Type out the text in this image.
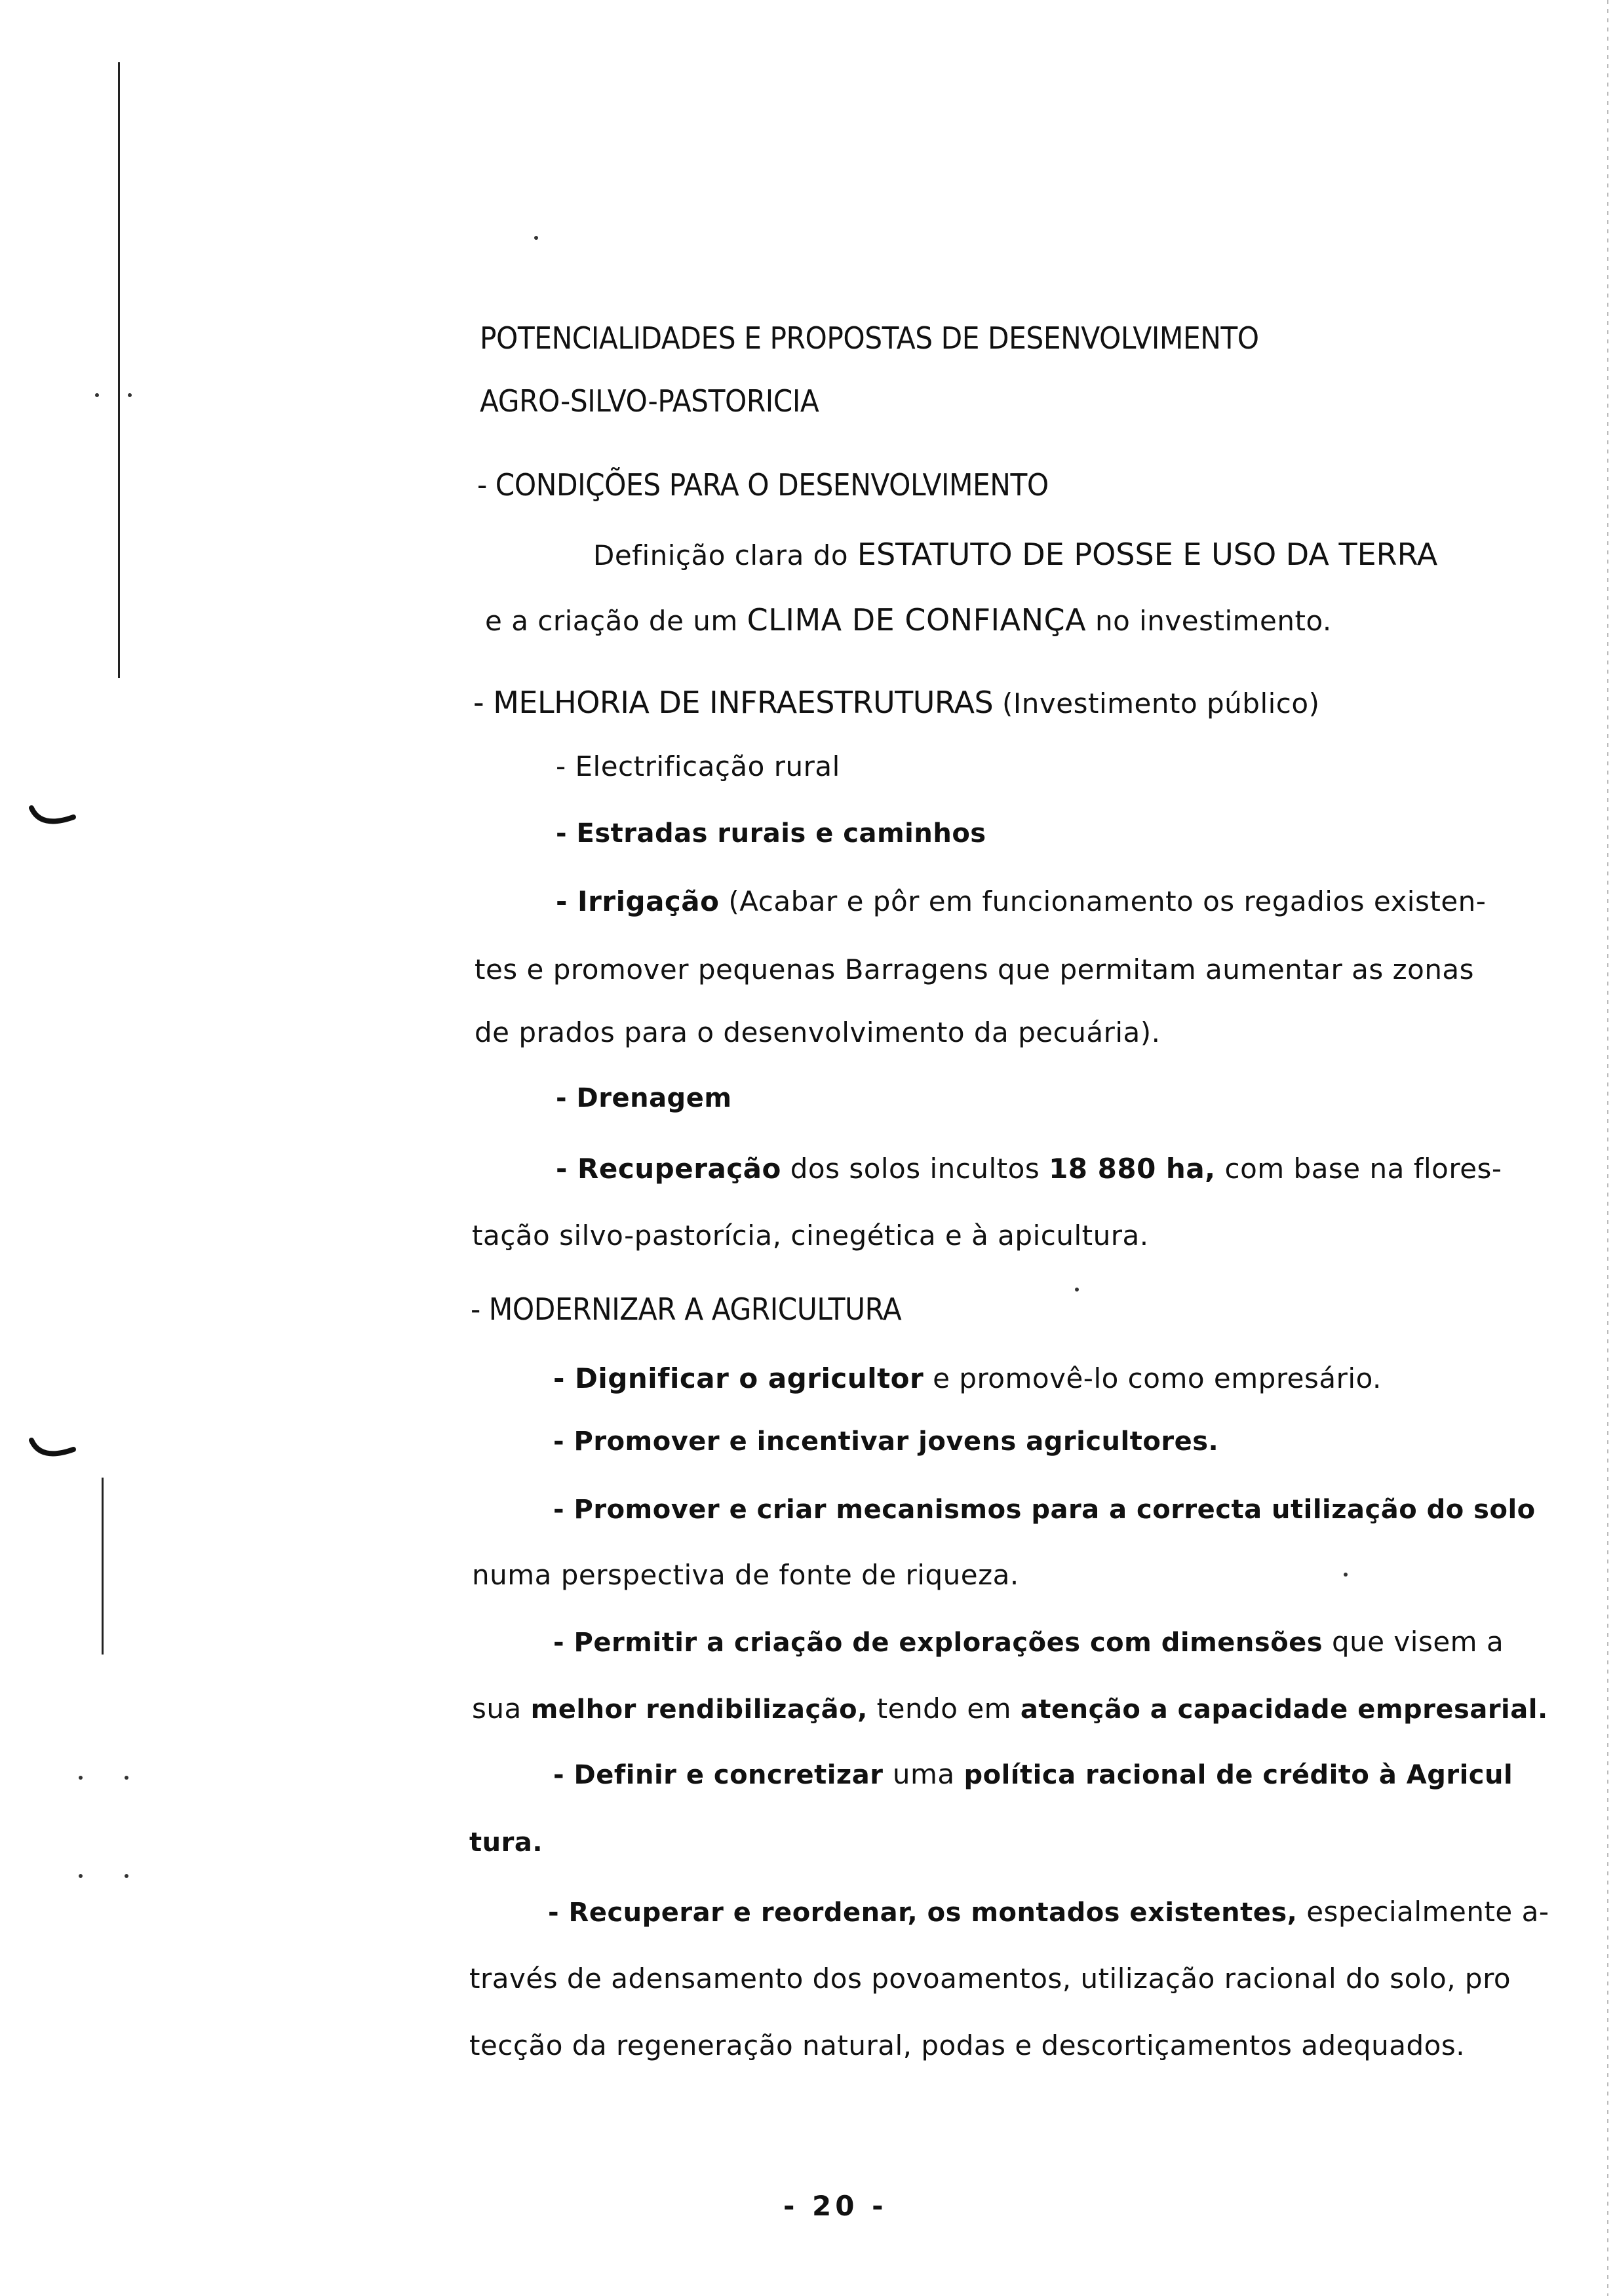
POTENCIALIDADES E PROPOSTAS DE DESENVOLVIMENTO
AGRO-SILVO-PASTORICIA
- CONDIÇÕES PARA O DESENVOLVIMENTO
Definição clara do ESTATUTO DE POSSE E USO DA TERRA
e a criação de um CLIMA DE CONFIANÇA no investimento.
- MELHORIA DE INFRAESTRUTURAS (Investimento público)
- Electrificação rural
- Estradas rurais e caminhos
- Irrigação (Acabar e pôr em funcionamento os regadios existen-
tes e promover pequenas Barragens que permitam aumentar as zonas
de prados para o desenvolvimento da pecuária).
- Drenagem
- Recuperação dos solos incultos 18 880 ha, com base na flores-
tação silvo-pastorícia, cinegética e à apicultura.
- MODERNIZAR A AGRICULTURA
- Dignificar o agricultor e promovê-lo como empresário.
- Promover e incentivar jovens agricultores.
- Promover e criar mecanismos para a correcta utilização do solo
numa perspectiva de fonte de riqueza.
- Permitir a criação de explorações com dimensões que visem a
sua melhor rendibilização, tendo em atenção a capacidade empresarial.
- Definir e concretizar uma política racional de crédito à Agricul
tura.
- Recuperar e reordenar, os montados existentes, especialmente a-
través de adensamento dos povoamentos, utilização racional do solo, pro
tecção da regeneração natural, podas e descortiçamentos adequados.
- 20 -
